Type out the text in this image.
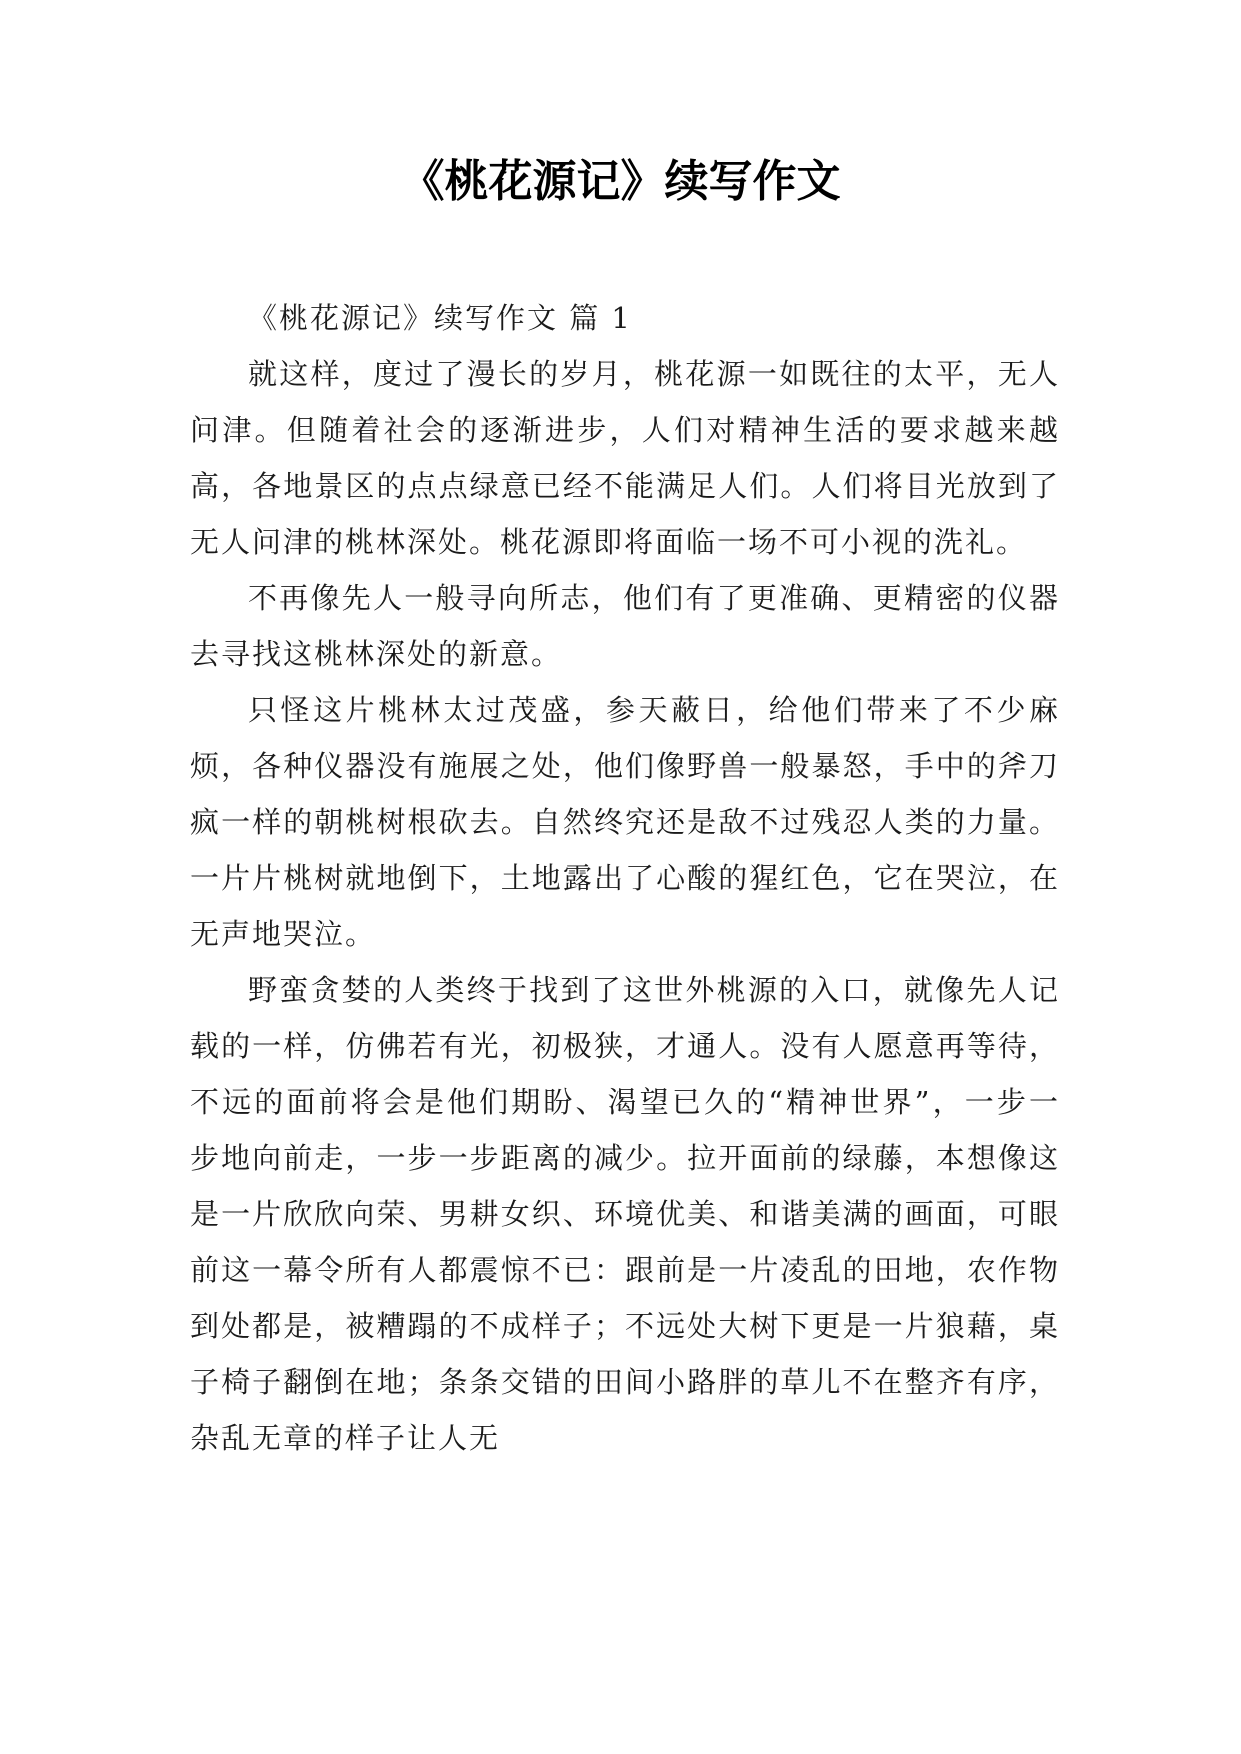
《桃花源记》续写作文
《桃花源记》续写作文 篇 1

就这样，度过了漫长的岁月，桃花源一如既往的太平，无人问津。但随着社会的逐渐进步，人们对精神生活的要求越来越高，各地景区的点点绿意已经不能满足人们。人们将目光放到了无人问津的桃林深处。桃花源即将面临一场不可小视的洗礼。

不再像先人一般寻向所志，他们有了更准确、更精密的仪器去寻找这桃林深处的新意。

只怪这片桃林太过茂盛，参天蔽日，给他们带来了不少麻烦，各种仪器没有施展之处，他们像野兽一般暴怒，手中的斧刀疯一样的朝桃树根砍去。自然终究还是敌不过残忍人类的力量。一片片桃树就地倒下，土地露出了心酸的猩红色，它在哭泣，在无声地哭泣。

野蛮贪婪的人类终于找到了这世外桃源的入口，就像先人记载的一样，仿佛若有光，初极狭，才通人。没有人愿意再等待，不远的面前将会是他们期盼、渴望已久的“精神世界”，一步一步地向前走，一步一步距离的减少。拉开面前的绿藤，本想像这是一片欣欣向荣、男耕女织、环境优美、和谐美满的画面，可眼前这一幕令所有人都震惊不已：跟前是一片凌乱的田地，农作物到处都是，被糟蹋的不成样子；不远处大树下更是一片狼藉，桌子椅子翻倒在地；条条交错的田间小路胖的草儿不在整齐有序，杂乱无章的样子让人无
